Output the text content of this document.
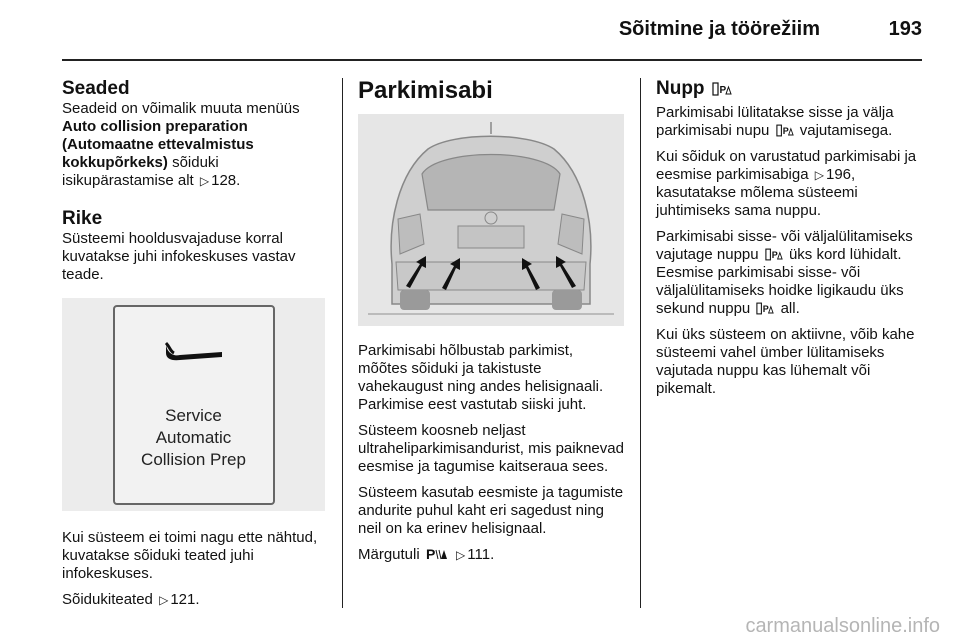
Sõitmine ja töörežiim	193
Seaded

Seadeid on võimalik muuta menüüs Auto collision preparation (Automaatne ettevalmistus kokkupõrkeks) sõiduki isikupärastamise alt ▷ 128.

Rike

Süsteemi hooldusvajaduse korral kuvatakse juhi infokeskuses vastav teade.

Service
Automatic
Collision Prep

Kui süsteem ei toimi nagu ette nähtud, kuvatakse sõiduki teated juhi infokeskuses.

Sõidukiteated ▷ 121.

Parkimisabi

Parkimisabi hõlbustab parkimist, mõõtes sõiduki ja takistuste vahekaugust ning andes helisignaali. Parkimise eest vastutab siiski juht.

Süsteem koosneb neljast ultraheliparkimisandurist, mis paiknevad eesmise ja tagumise kaitseraua sees.

Süsteem kasutab eesmiste ja tagumiste andurite puhul kaht eri sagedust ning neil on ka erinev helisignaal.

Märgutuli P ▷ 111.

Nupp

Parkimisabi lülitatakse sisse ja välja parkimisabi nupu vajutamisega.

Kui sõiduk on varustatud parkimisabi ja eesmise parkimisabiga ▷ 196, kasutatakse mõlema süsteemi juhtimiseks sama nuppu.

Parkimisabi sisse- või väljalülitamiseks vajutage nuppu üks kord lühidalt. Eesmise parkimisabi sisse- või väljalülitamiseks hoidke ligikaudu üks sekund nuppu all.

Kui üks süsteem on aktiivne, võib kahe süsteemi vahel ümber lülitamiseks vajutada nuppu kas lühemalt või pikemalt.

carmanualsonline.info
